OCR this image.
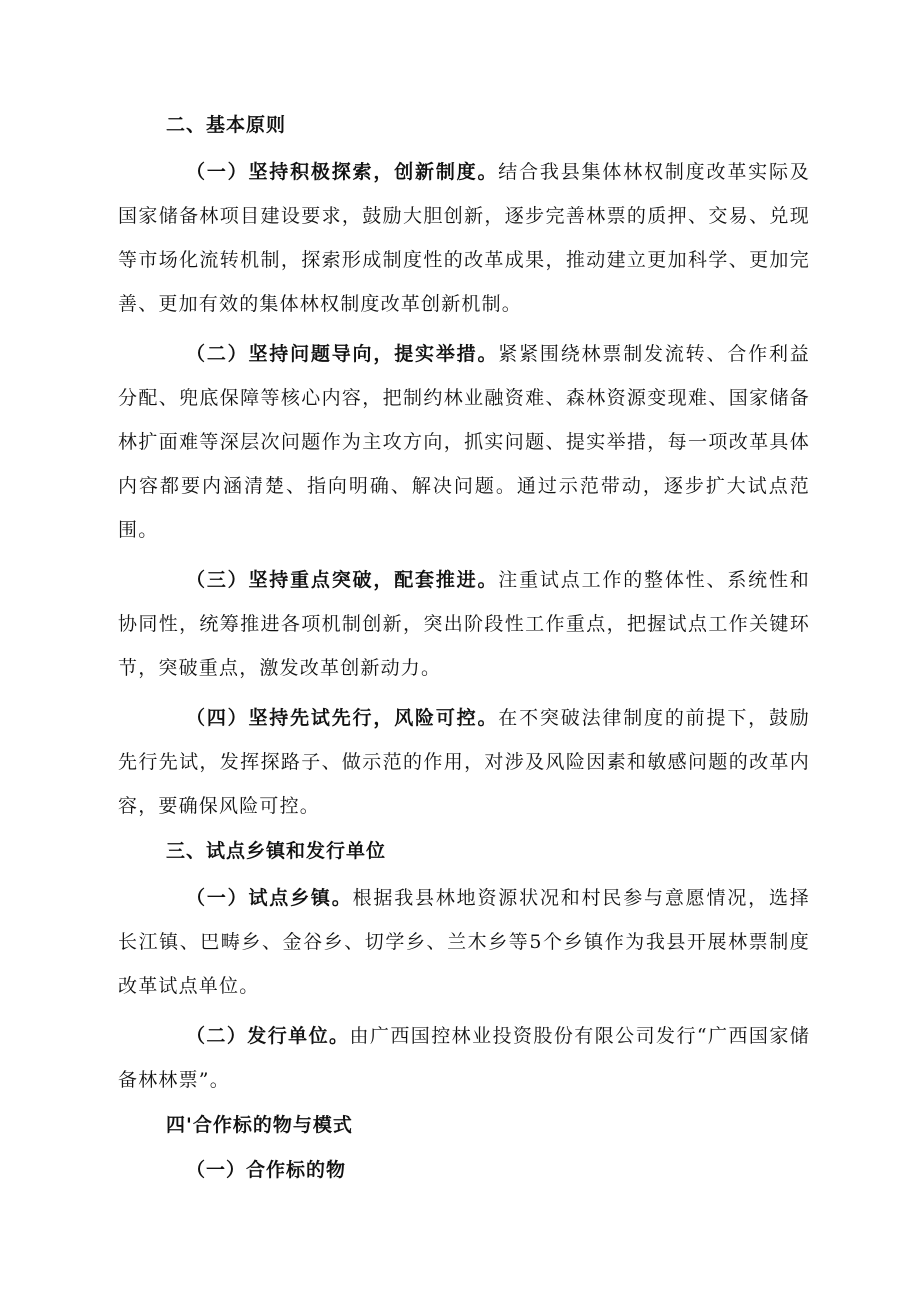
二、基本原则

（一）坚持积极探索，创新制度。结合我县集体林权制度改革实际及国家储备林项目建设要求，鼓励大胆创新，逐步完善林票的质押、交易、兑现等市场化流转机制，探索形成制度性的改革成果，推动建立更加科学、更加完善、更加有效的集体林权制度改革创新机制。

（二）坚持问题导向，提实举措。紧紧围绕林票制发流转、合作利益分配、兜底保障等核心内容，把制约林业融资难、森林资源变现难、国家储备林扩面难等深层次问题作为主攻方向，抓实问题、提实举措，每一项改革具体内容都要内涵清楚、指向明确、解决问题。通过示范带动，逐步扩大试点范围。

（三）坚持重点突破，配套推进。注重试点工作的整体性、系统性和协同性，统筹推进各项机制创新，突出阶段性工作重点，把握试点工作关键环节，突破重点，激发改革创新动力。

（四）坚持先试先行，风险可控。在不突破法律制度的前提下，鼓励先行先试，发挥探路子、做示范的作用，对涉及风险因素和敏感问题的改革内容，要确保风险可控。

三、试点乡镇和发行单位

（一）试点乡镇。根据我县林地资源状况和村民参与意愿情况，选择长江镇、巴畴乡、金谷乡、切学乡、兰木乡等5个乡镇作为我县开展林票制度改革试点单位。

（二）发行单位。由广西国控林业投资股份有限公司发行“广西国家储备林林票”。

四'合作标的物与模式
（一）合作标的物
